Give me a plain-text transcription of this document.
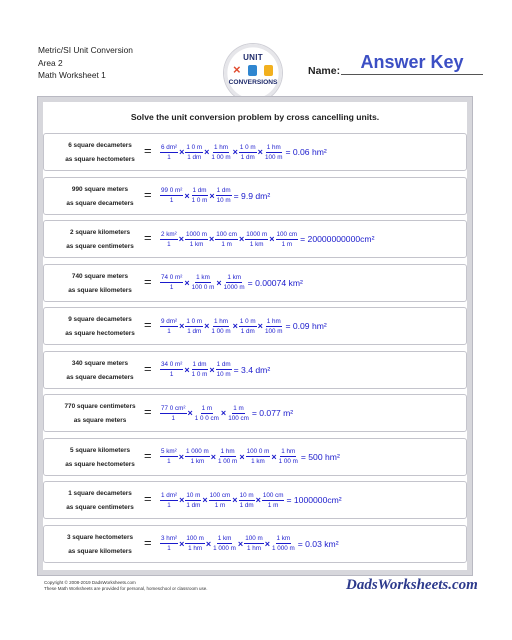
Metric/SI Unit Conversion
Area 2
Math Worksheet 1
UNIT
×
CONVERSIONS
Name:	Answer Key
Solve the unit conversion problem by cross cancelling units.
6 square decameters
as square hectometers
= $\frac{\text{6 dm²}}{1} \times \frac{1 0 m}{1 dm} \times \frac{1 hm}{1 00 m} \times \frac{1 0 m}{1 dm} \times \frac{1 hm}{100 m} = 0.06$ hm²
990 square meters
as square decameters
= $\frac{\text{99 0 m²}}{1} \times \frac{1 dm}{1 0 m} \times \frac{1 dm}{10 m} = 9.9$ dm²
2 square kilometers
as square centimeters
= $\frac{\text{2 km²}}{1} \times \frac{1000 m}{1 km} \times \frac{100 cm}{1 m} \times \frac{1000 m}{1 km} \times \frac{100 cm}{1 m} = 20000000000cm^2$
740 square meters
as square kilometers
= $\frac{\text{74 0 m²}}{1} \times \frac{1 km}{100 0 m} \times \frac{1 km}{1000 m} = 0.00074$ km²
9 square decameters
as square hectometers
= $\frac{\text{9 dm²}}{1} \times \frac{1 0 m}{1 dm} \times \frac{1 hm}{1 00 m} \times \frac{1 0 m}{1 dm} \times \frac{1 hm}{100 m} = 0.09$ hm²
340 square meters
as square decameters
= $\frac{\text{34 0 m²}}{1} \times \frac{1 dm}{1 0 m} \times \frac{1 dm}{10 m} = 3.4$ dm²
770 square centimeters
as square meters
= $\frac{\text{77 0 cm²}}{1} \times \frac{1 m}{1 0 0 cm} \times \frac{1 m}{100 cm} = 0.077$ m²
5 square kilometers
as square hectometers
= $\frac{\text{5 km²}}{1} \times \frac{1 000 m}{1 km} \times \frac{1 hm}{1 00 m} \times \frac{100 0 m}{1 km} \times \frac{1 hm}{1 00 m} = 500$ hm²
1 square decameters
as square centimeters
= $\frac{\text{1 dm²}}{1} \times \frac{10 m}{1 dm} \times \frac{100 cm}{1 m} \times \frac{10 m}{1 dm} \times \frac{100 cm}{1 m} = 1000000cm^2$
3 square hectometers
as square kilometers
= $\frac{\text{3 hm²}}{1} \times \frac{100 m}{1 hm} \times \frac{1 km}{1 000 m} \times \frac{100 m}{1 hm} \times \frac{1 km}{1 000 m} = 0.03$ km²
Copyright © 2008-2019 DadsWorksheets.com
These Math Worksheets are provided for personal, homeschool or classroom use.	DadsWorksheets.com
